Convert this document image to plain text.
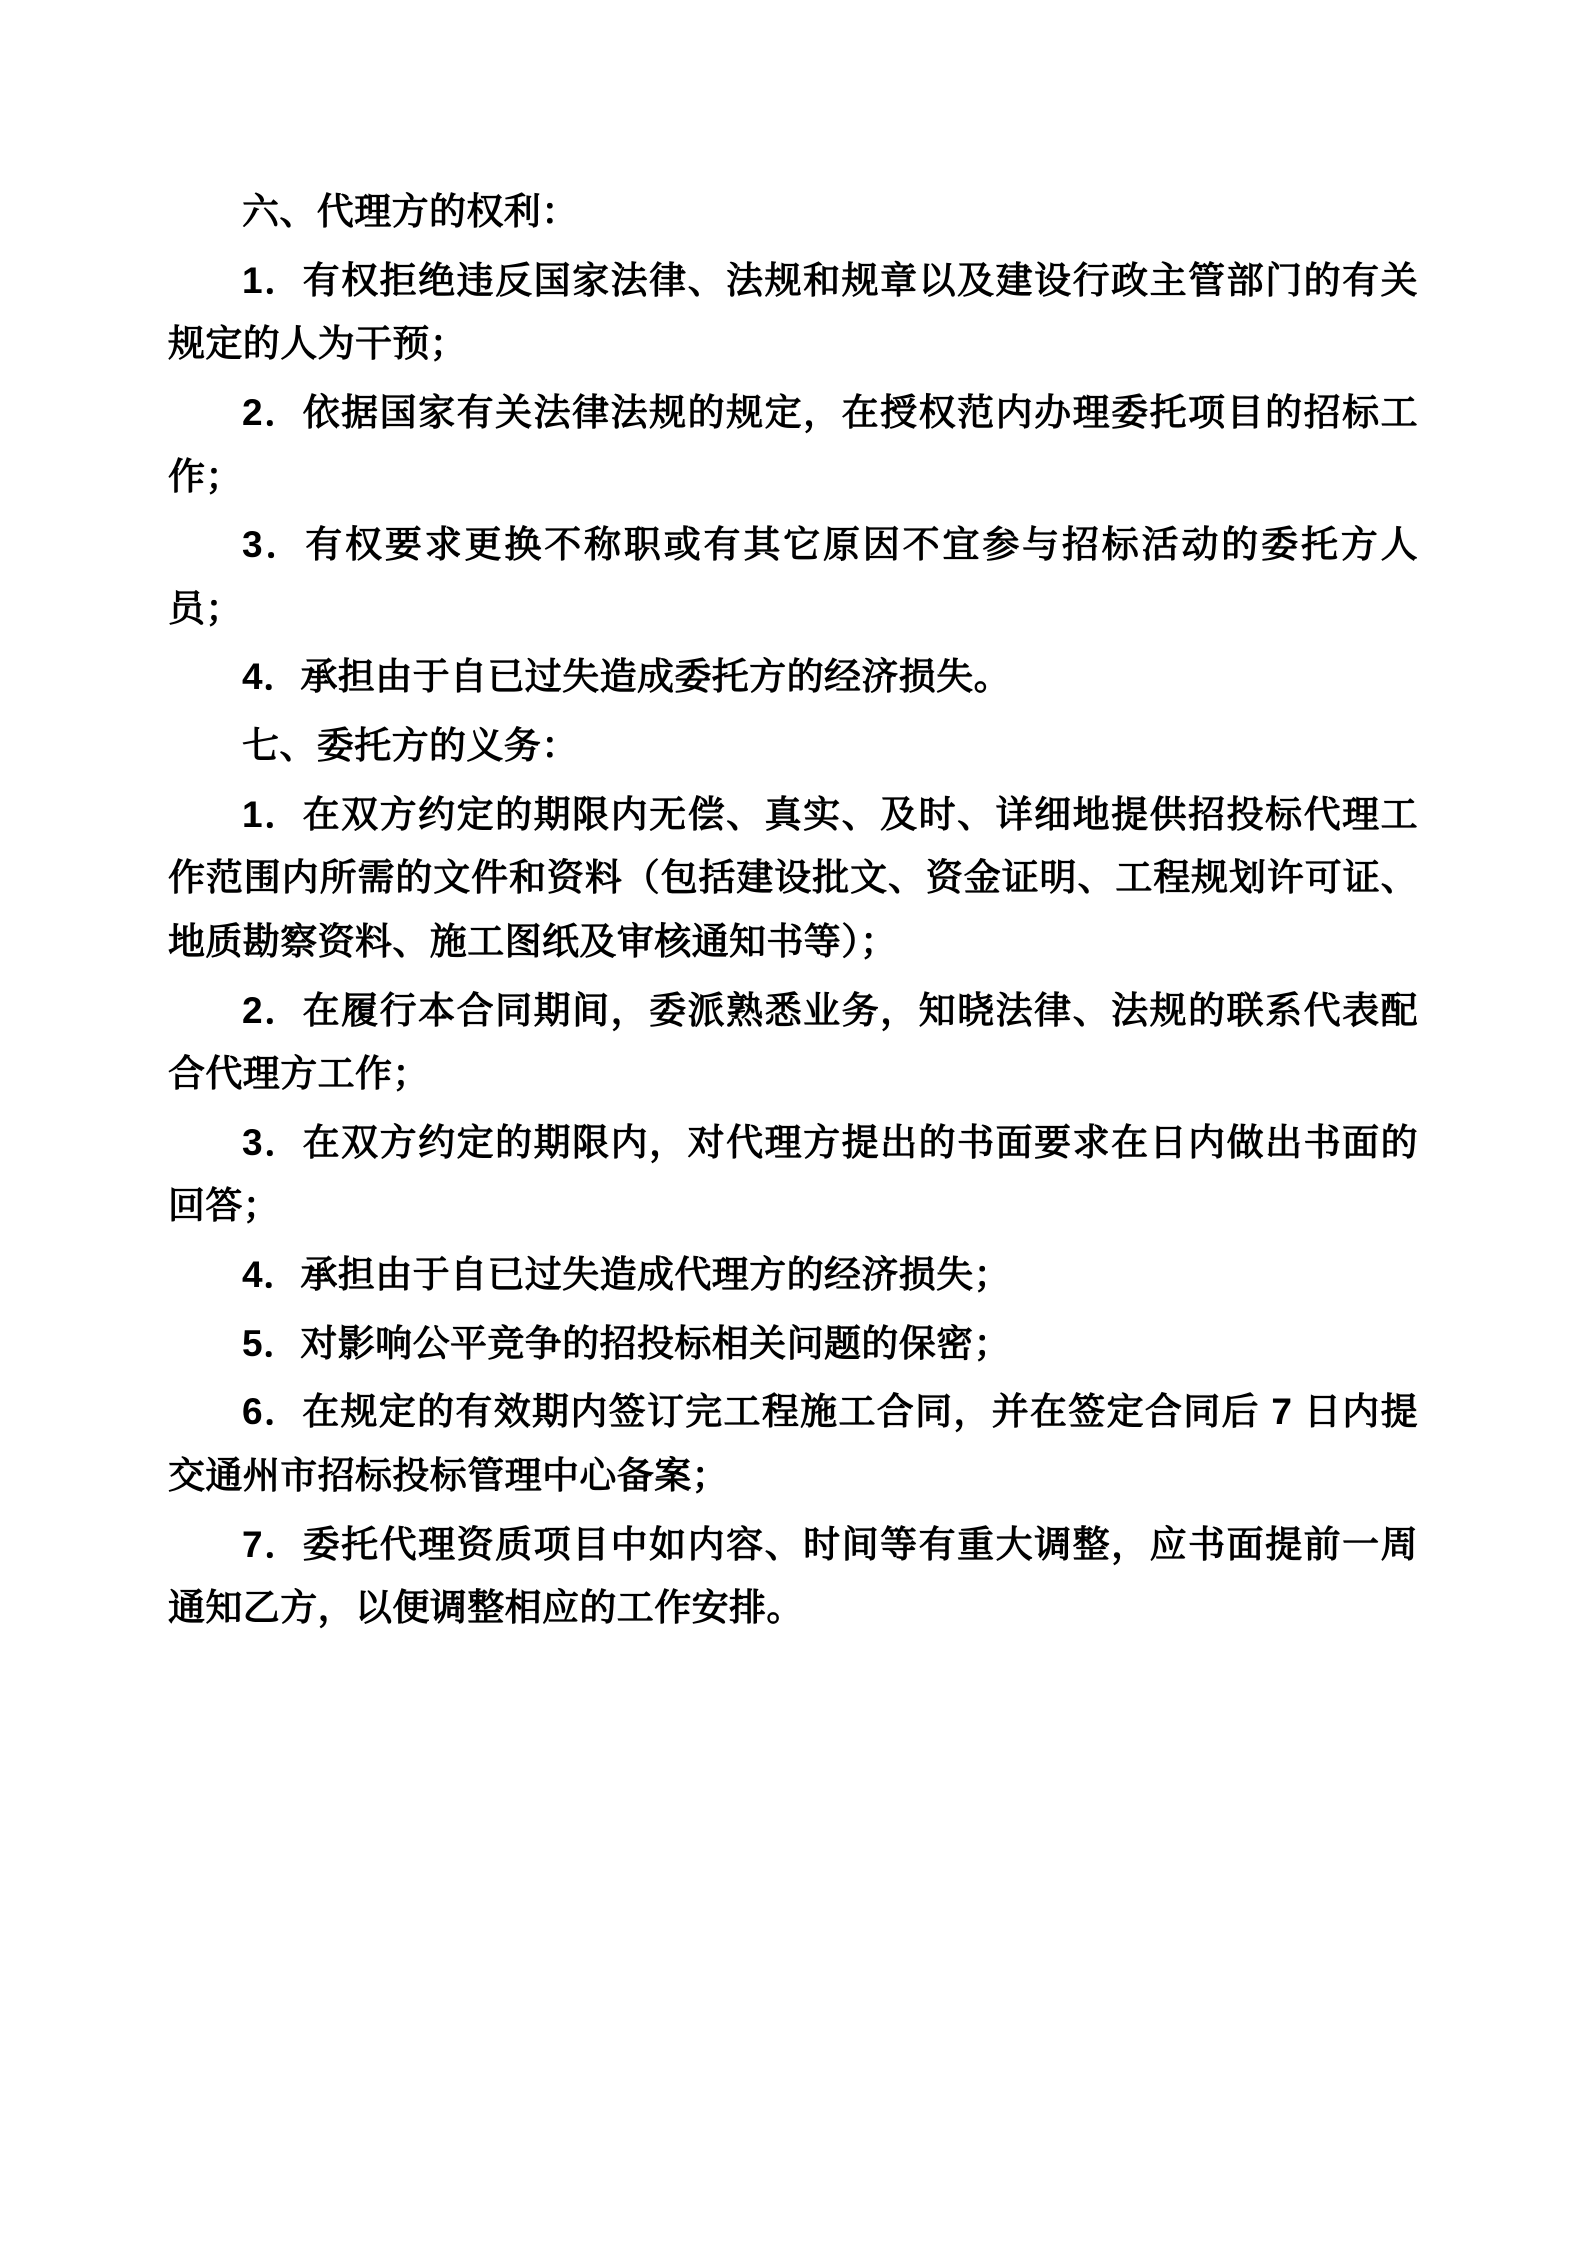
六、代理方的权利：

1．有权拒绝违反国家法律、法规和规章以及建设行政主管部门的有关规定的人为干预；

2．依据国家有关法律法规的规定，在授权范内办理委托项目的招标工作；

3．有权要求更换不称职或有其它原因不宜参与招标活动的委托方人员；

4．承担由于自已过失造成委托方的经济损失。

七、委托方的义务：

1．在双方约定的期限内无偿、真实、及时、详细地提供招投标代理工作范围内所需的文件和资料（包括建设批文、资金证明、工程规划许可证、地质勘察资料、施工图纸及审核通知书等）；

2．在履行本合同期间，委派熟悉业务，知晓法律、法规的联系代表配合代理方工作；

3．在双方约定的期限内，对代理方提出的书面要求在日内做出书面的回答；

4．承担由于自已过失造成代理方的经济损失；

5．对影响公平竞争的招投标相关问题的保密；

6．在规定的有效期内签订完工程施工合同，并在签定合同后 7 日内提交通州市招标投标管理中心备案；

7．委托代理资质项目中如内容、时间等有重大调整，应书面提前一周通知乙方，以便调整相应的工作安排。
